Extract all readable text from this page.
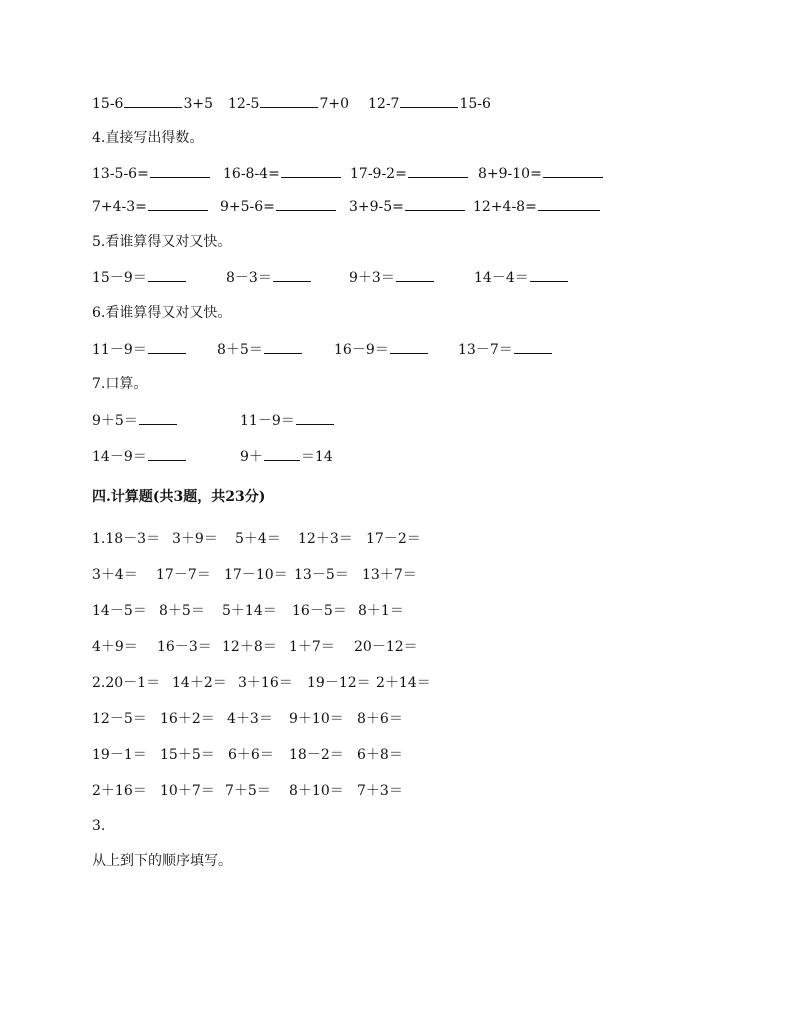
15-6	3+5 12-5	7+0 12-7	15-6
4.直接写出得数。
13-5-6=	16-8-4=	17-9-2=	8+9-10=
7+4-3=	9+5-6=	3+9-5=	12+4-8=
5.看谁算得又对又快。
15－9＝	8－3＝	9＋3＝	14－4＝
6.看谁算得又对又快。
11－9＝	8＋5＝	16－9＝	13－7＝
7.口算。
9＋5＝	11－9＝
14－9＝	9＋	＝14
四.计算题(共3题，共23分)
1.18－3＝ 3＋9＝ 5＋4＝ 12＋3＝ 17－2＝
3＋4＝ 17－7＝ 17－10＝ 13－5＝ 13＋7＝
14－5＝ 8＋5＝ 5＋14＝ 16－5＝ 8＋1＝
4＋9＝ 16－3＝ 12＋8＝ 1＋7＝ 20－12＝
2.20－1＝ 14＋2＝ 3＋16＝ 19－12＝ 2＋14＝
12－5＝ 16＋2＝ 4＋3＝ 9＋10＝ 8＋6＝
19－1＝ 15＋5＝ 6＋6＝ 18－2＝ 6＋8＝
2＋16＝ 10＋7＝ 7＋5＝ 8＋10＝ 7＋3＝
3.
从上到下的顺序填写。
